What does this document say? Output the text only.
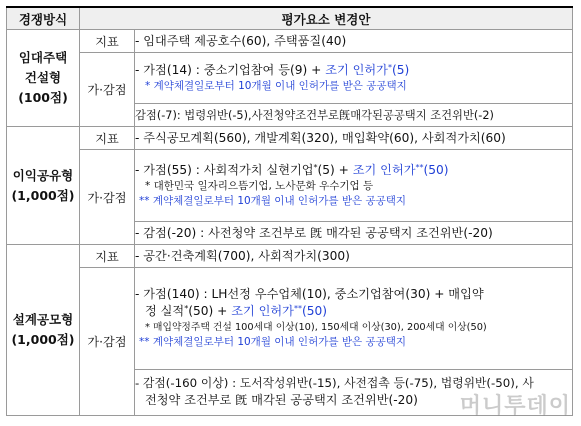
경쟁방식	평가요소 변경안	

임대주택
건설형
(100점)	지표	- 임대주택 제공호수(60), 주택품질(40)
	가·감점	- 가점(14) : 중소기업참여 등(9) + 조기 인허가*(5)
* 계약체결일로부터 10개월 이내 인허가를 받은 공공택지

		감점(-7): 법령위반(-5),사전청약조건부로旣매각된공공택지 조건위반(-2)

이익공유형
(1,000점)	지표	- 주식공모계획(560), 개발계획(320), 매입확약(60), 사회적가치(60)
	가·감점	- 가점(55) : 사회적가치 실현기업*(5) + 조기 인허가**(50)
* 대한민국 일자리으뜸기업, 노사문화 우수기업 등
** 계약체결일로부터 10개월 이내 인허가를 받은 공공택지

		- 감점(-20) : 사전청약 조건부로 旣 매각된 공공택지 조건위반(-20)

설계공모형
(1,000점)	지표	- 공간·건축계획(700), 사회적가치(300)
	가·감점	- 가점(140) : LH선정 우수업체(10), 중소기업참여(30) + 매입약
정 실적*(50) + 조기 인허가**(50)
* 매입약정주택 건설 100세대 이상(10), 150세대 이상(30), 200세대 이상(50)
** 계약체결일로부터 10개월 이내 인허가를 받은 공공택지

		- 감점(-160 이상) : 도서작성위반(-15), 사전접촉 등(-75), 법령위반(-50), 사
전청약 조건부로 旣 매각된 공공택지 조건위반(-20)	머니투데이
